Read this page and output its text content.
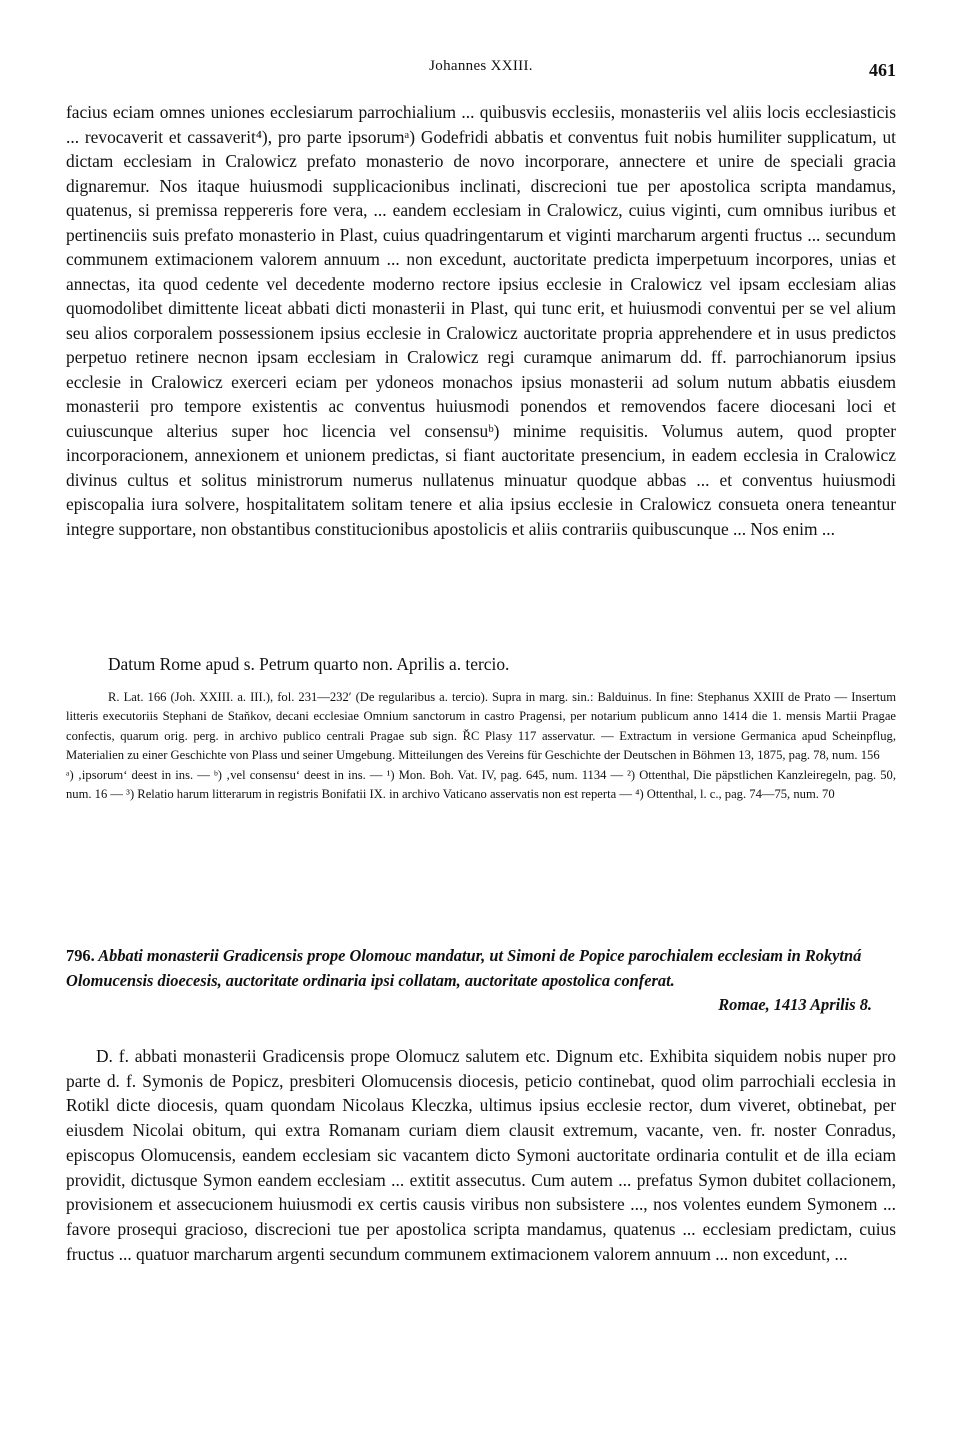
Johannes XXIII.	461

facius eciam omnes uniones ecclesiarum parrochialium ... quibusvis ecclesiis, monasteriis vel aliis locis ecclesiasticis ... revocaverit et cassaverit⁴), pro parte ipsorumᵃ) Godefridi abbatis et conventus fuit nobis humiliter supplicatum, ut dictam ecclesiam in Cralowicz prefato monasterio de novo incorporare, annectere et unire de speciali gracia dignaremur. Nos itaque huiusmodi supplicacionibus inclinati, discrecioni tue per apostolica scripta mandamus, quatenus, si premissa reppereris fore vera, ... eandem ecclesiam in Cralowicz, cuius viginti, cum omnibus iuribus et pertinenciis suis prefato monasterio in Plast, cuius quadringentarum et viginti marcharum argenti fructus ... secundum communem extimacionem valorem annuum ... non excedunt, auctoritate predicta imperpetuum incorpores, unias et annectas, ita quod cedente vel decedente moderno rectore ipsius ecclesie in Cralowicz vel ipsam ecclesiam alias quomodolibet dimittente liceat abbati dicti monasterii in Plast, qui tunc erit, et huiusmodi conventui per se vel alium seu alios corporalem possessionem ipsius ecclesie in Cralowicz auctoritate propria apprehendere et in usus predictos perpetuo retinere necnon ipsam ecclesiam in Cralowicz regi curamque animarum dd. ff. parrochianorum ipsius ecclesie in Cralowicz exerceri eciam per ydoneos monachos ipsius monasterii ad solum nutum abbatis eiusdem monasterii pro tempore existentis ac conventus huiusmodi ponendos et removendos facere diocesani loci et cuiuscunque alterius super hoc licencia vel consensuᵇ) minime requisitis. Volumus autem, quod propter incorporacionem, annexionem et unionem predictas, si fiant auctoritate presencium, in eadem ecclesia in Cralowicz divinus cultus et solitus ministrorum numerus nullatenus minuatur quodque abbas ... et conventus huiusmodi episcopalia iura solvere, hospitalitatem solitam tenere et alia ipsius ecclesie in Cralowicz consueta onera teneantur integre supportare, non obstantibus constitucionibus apostolicis et aliis contrariis quibuscunque ... Nos enim ...

Datum Rome apud s. Petrum quarto non. Aprilis a. tercio.

R. Lat. 166 (Joh. XXIII. a. III.), fol. 231—232′ (De regularibus a. tercio). Supra in marg. sin.: Balduinus. In fine: Stephanus XXIII de Prato — Insertum litteris executoriis Stephani de Staňkov, decani ecclesiae Omnium sanctorum in castro Pragensi, per notarium publicum anno 1414 die 1. mensis Martii Pragae confectis, quarum orig. perg. in archivo publico centrali Pragae sub sign. ŘC Plasy 117 asservatur. — Extractum in versione Germanica apud Scheinpflug, Materialien zu einer Geschichte von Plass und seiner Umgebung. Mitteilungen des Vereins für Geschichte der Deutschen in Böhmen 13, 1875, pag. 78, num. 156

ᵃ) ‚ipsorum‘ deest in ins. — ᵇ) ‚vel consensu‘ deest in ins. — ¹) Mon. Boh. Vat. IV, pag. 645, num. 1134 — ²) Ottenthal, Die päpstlichen Kanzleiregeln, pag. 50, num. 16 — ³) Relatio harum litterarum in registris Bonifatii IX. in archivo Vaticano asservatis non est reperta — ⁴) Ottenthal, l. c., pag. 74—75, num. 70

796. Abbati monasterii Gradicensis prope Olomouc mandatur, ut Simoni de Popice parochialem ecclesiam in Rokytná Olomucensis dioecesis, auctoritate ordinaria ipsi collatam, auctoritate apostolica conferat.
Romae, 1413 Aprilis 8.

D. f. abbati monasterii Gradicensis prope Olomucz salutem etc. Dignum etc. Exhibita siquidem nobis nuper pro parte d. f. Symonis de Popicz, presbiteri Olomucensis diocesis, peticio continebat, quod olim parrochiali ecclesia in Rotikl dicte diocesis, quam quondam Nicolaus Kleczka, ultimus ipsius ecclesie rector, dum viveret, obtinebat, per eiusdem Nicolai obitum, qui extra Romanam curiam diem clausit extremum, vacante, ven. fr. noster Conradus, episcopus Olomucensis, eandem ecclesiam sic vacantem dicto Symoni auctoritate ordinaria contulit et de illa eciam providit, dictusque Symon eandem ecclesiam ... extitit assecutus. Cum autem ... prefatus Symon dubitet collacionem, provisionem et assecucionem huiusmodi ex certis causis viribus non subsistere ..., nos volentes eundem Symonem ... favore prosequi gracioso, discrecioni tue per apostolica scripta mandamus, quatenus ... ecclesiam predictam, cuius fructus ... quatuor marcharum argenti secundum communem extimacionem valorem annuum ... non excedunt, ...
